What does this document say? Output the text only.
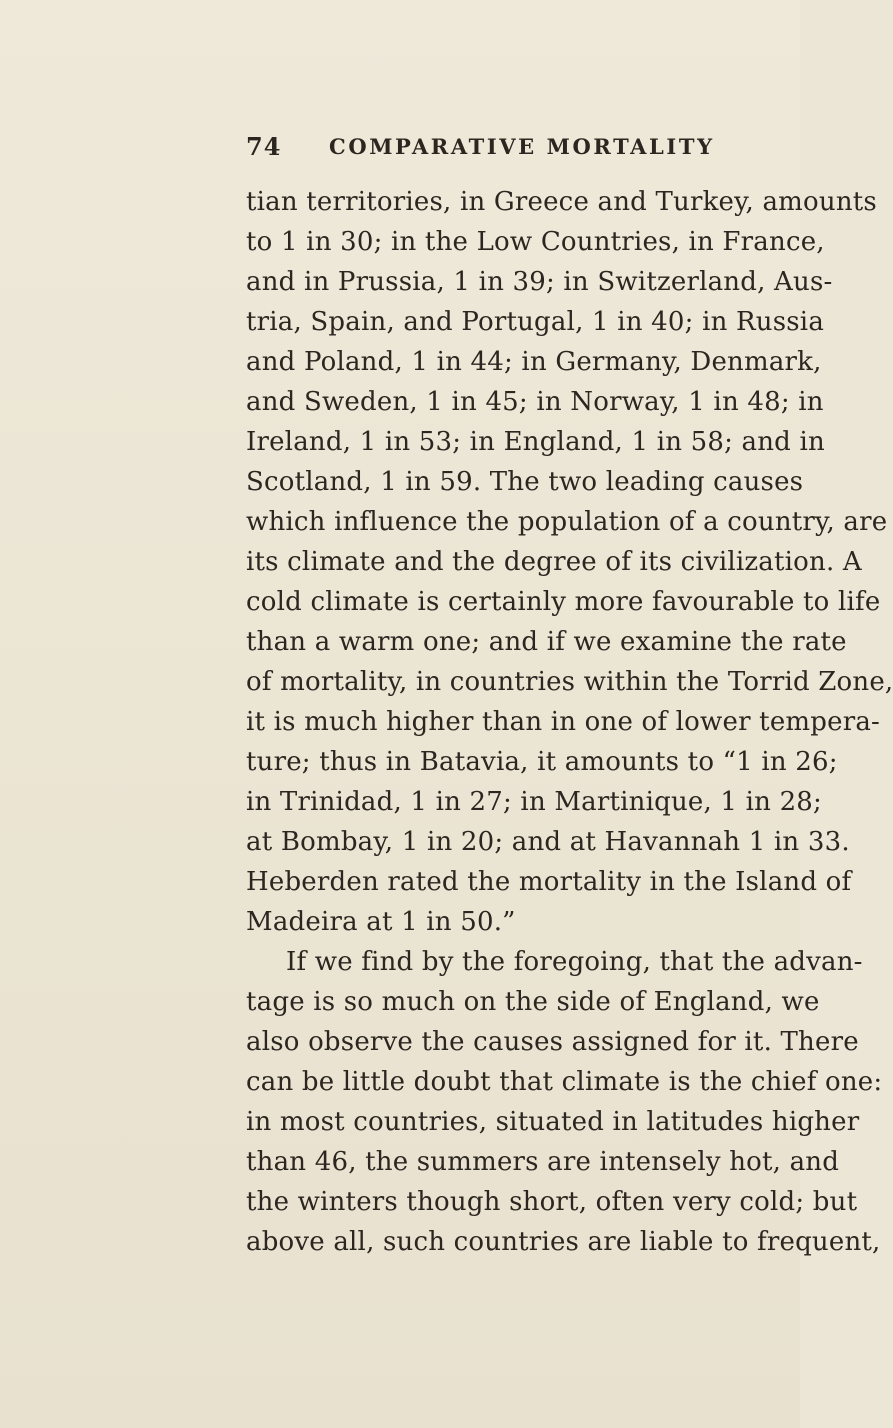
74 COMPARATIVE MORTALITY
tian territories, in Greece and Turkey, amounts
to 1 in 30; in the Low Countries, in France,
and in Prussia, 1 in 39; in Switzerland, Aus-
tria, Spain, and Portugal, 1 in 40; in Russia
and Poland, 1 in 44; in Germany, Denmark,
and Sweden, 1 in 45; in Norway, 1 in 48; in
Ireland, 1 in 53; in England, 1 in 58; and in
Scotland, 1 in 59. The two leading causes
which influence the population of a country, are
its climate and the degree of its civilization. A
cold climate is certainly more favourable to life
than a warm one; and if we examine the rate
of mortality, in countries within the Torrid Zone,
it is much higher than in one of lower tempera-
ture; thus in Batavia, it amounts to “1 in 26;
in Trinidad, 1 in 27; in Martinique, 1 in 28;
at Bombay, 1 in 20; and at Havannah 1 in 33.
Heberden rated the mortality in the Island of
Madeira at 1 in 50.”
If we find by the foregoing, that the advan-
tage is so much on the side of England, we
also observe the causes assigned for it. There
can be little doubt that climate is the chief one:
in most countries, situated in latitudes higher
than 46, the summers are intensely hot, and
the winters though short, often very cold; but
above all, such countries are liable to frequent,
